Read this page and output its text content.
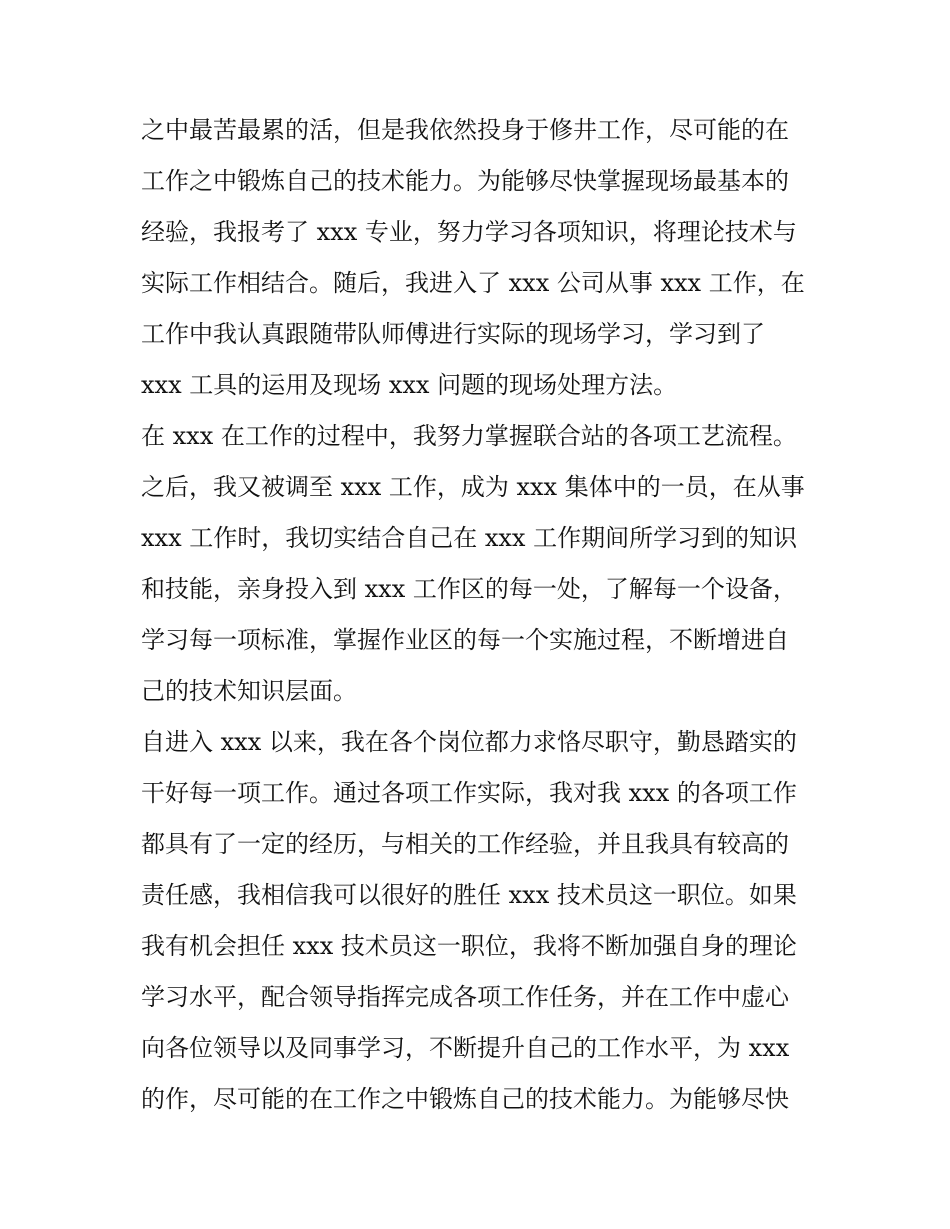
之中最苦最累的活，但是我依然投身于修井工作，尽可能的在
工作之中锻炼自己的技术能力。为能够尽快掌握现场最基本的
经验，我报考了 xxx 专业，努力学习各项知识，将理论技术与
实际工作相结合。随后，我进入了 xxx 公司从事 xxx 工作，在
工作中我认真跟随带队师傅进行实际的现场学习，学习到了
xxx 工具的运用及现场 xxx 问题的现场处理方法。
在 xxx 在工作的过程中，我努力掌握联合站的各项工艺流程。
之后，我又被调至 xxx 工作，成为 xxx 集体中的一员，在从事
xxx 工作时，我切实结合自己在 xxx 工作期间所学习到的知识
和技能，亲身投入到 xxx 工作区的每一处，了解每一个设备，
学习每一项标准，掌握作业区的每一个实施过程，不断增进自
己的技术知识层面。
自进入 xxx 以来，我在各个岗位都力求恪尽职守，勤恳踏实的
干好每一项工作。通过各项工作实际，我对我 xxx 的各项工作
都具有了一定的经历，与相关的工作经验，并且我具有较高的
责任感，我相信我可以很好的胜任 xxx 技术员这一职位。如果
我有机会担任 xxx 技术员这一职位，我将不断加强自身的理论
学习水平，配合领导指挥完成各项工作任务，并在工作中虚心
向各位领导以及同事学习，不断提升自己的工作水平，为 xxx
的作，尽可能的在工作之中锻炼自己的技术能力。为能够尽快
